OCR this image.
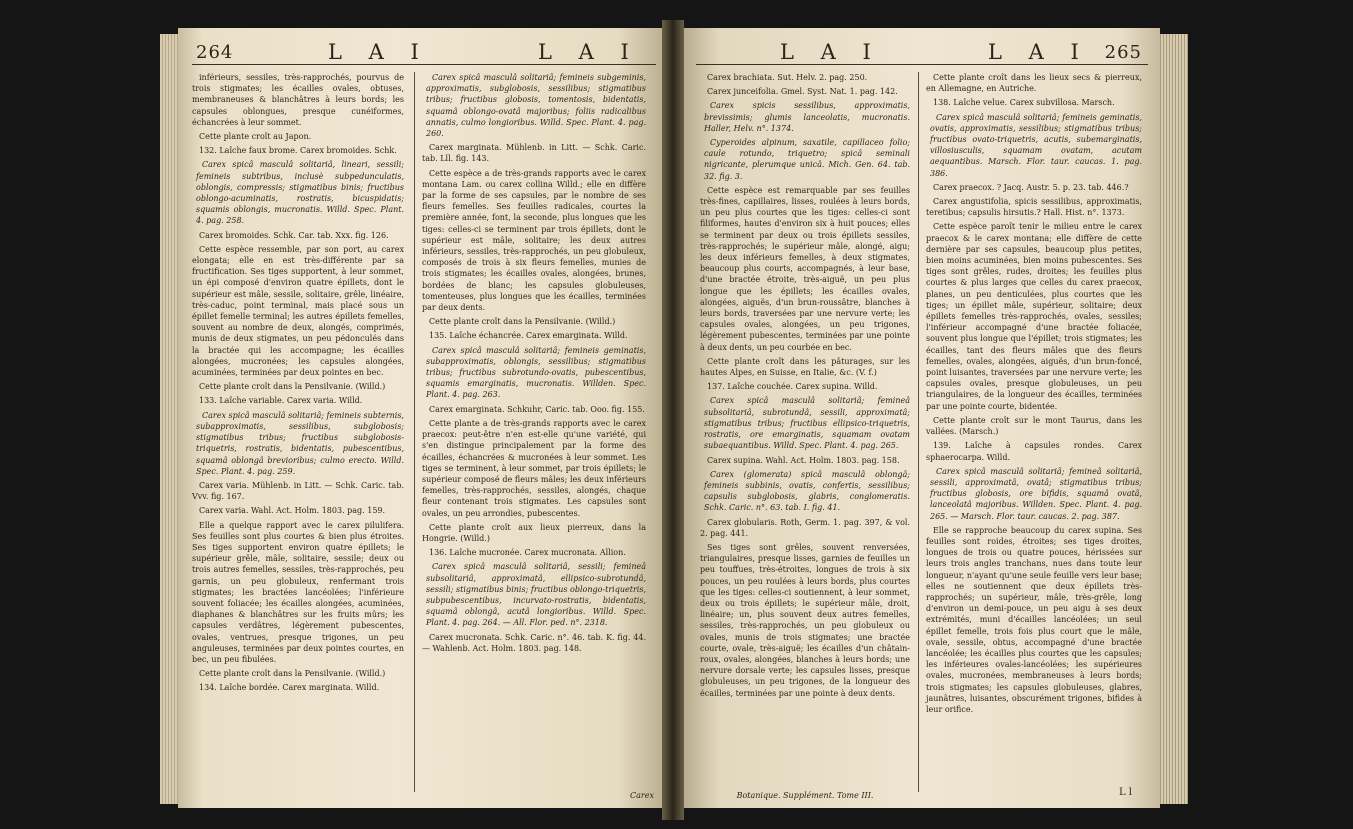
264	L A I	L A I

inférieurs, sessiles, très-rapprochés, pourvus de trois stigmates; les écailles ovales, obtuses, membraneuses & blanchâtres à leurs bords; les capsules oblongues, presque cunéiformes, échancrées à leur sommet.

Cette plante croît au Japon.

132. Laîche faux brome. Carex bromoides. Schk.

Carex spicâ masculâ solitariâ, lineari, sessili; femineis subtribus, inclusè subpedunculatis, oblongis, compressis; stigmatibus binis; fructibus oblongo-acuminatis, rostratis, bicuspidatis; squamis oblongis, mucronatis. Willd. Spec. Plant. 4. pag. 258.

Carex bromoides. Schk. Car. tab. Xxx. fig. 126.

Cette espèce ressemble, par son port, au carex elongata; elle en est très-différente par sa fructification. Ses tiges supportent, à leur sommet, un épi composé d'environ quatre épillets, dont le supérieur est mâle, sessile, solitaire, grêle, linéaire, très-caduc, point terminal, mais placé sous un épillet femelle terminal; les autres épillets femelles, souvent au nombre de deux, alongés, comprimés, munis de deux stigmates, un peu pédonculés dans la bractée qui les accompagne; les écailles alongées, mucronées; les capsules alongées, acuminées, terminées par deux pointes en bec.

Cette plante croît dans la Pensilvanie. (Willd.)

133. Laîche variable. Carex varia. Willd.

Carex spicâ masculâ solitariâ; femineis subternis, subapproximatis, sessilibus, subglobosis; stigmatibus tribus; fructibus subglobosis-triquetris, rostratis, bidentatis, pubescentibus, squamâ oblongâ brevioribus; culmo erecto. Willd. Spec. Plant. 4. pag. 259.

Carex varia. Mühlenb. in Litt. — Schk. Caric. tab. Vvv. fig. 167.

Carex varia. Wahl. Act. Holm. 1803. pag. 159.

Elle a quelque rapport avec le carex pilulifera. Ses feuilles sont plus courtes & bien plus étroites. Ses tiges supportent environ quatre épillets; le supérieur grêle, mâle, solitaire, sessile; deux ou trois autres femelles, sessiles, très-rapprochés, peu garnis, un peu globuleux, renfermant trois stigmates; les bractées lancéolées; l'inférieure souvent foliacée; les écailles alongées, acuminées, diaphanes & blanchâtres sur les fruits mûrs; les capsules verdâtres, légèrement pubescentes, ovales, ventrues, presque trigones, un peu anguleuses, terminées par deux pointes courtes, en bec, un peu fibulées.

Cette plante croît dans la Pensilvanie. (Willd.)

134. Laîche bordée. Carex marginata. Willd.

Carex spicâ masculâ solitariâ; femineis subgeminis, approximatis, subglobosis, sessilibus; stigmatibus tribus; fructibus globosis, tomentosis, bidentatis, squamâ oblongo-ovatâ majoribus; foliis radicalibus annatis, culmo longioribus. Willd. Spec. Plant. 4. pag. 260.

Carex marginata. Mühlenb. in Litt. — Schk. Caric. tab. Lll. fig. 143.

Cette espèce a de très-grands rapports avec le carex montana Lam. ou carex collina Willd.; elle en diffère par la forme de ses capsules, par le nombre de ses fleurs femelles. Ses feuilles radicales, courtes la première année, font, la seconde, plus longues que les tiges: celles-ci se terminent par trois épillets, dont le supérieur est mâle, solitaire; les deux autres inférieurs, sessiles, très-rapprochés, un peu globuleux, composés de trois à six fleurs femelles, munies de trois stigmates; les écailles ovales, alongées, brunes, bordées de blanc; les capsules globuleuses, tomenteuses, plus longues que les écailles, terminées par deux dents.

Cette plante croît dans la Pensilvanie. (Willd.)

135. Laîche échancrée. Carex emarginata. Willd.

Carex spicâ masculâ solitariâ; femineis geminatis, subapproximatis, oblongis, sessilibus; stigmatibus tribus; fructibus subrotundo-ovatis, pubescentibus, squamis emarginatis, mucronatis. Willden. Spec. Plant. 4. pag. 263.

Carex emarginata. Schkuhr, Caric. tab. Ooo. fig. 155.

Cette plante a de très-grands rapports avec le carex praecox: peut-être n'en est-elle qu'une variété, qui s'en distingue principalement par la forme des écailles, échancrées & mucronées à leur sommet. Les tiges se terminent, à leur sommet, par trois épillets; le supérieur composé de fleurs mâles; les deux inférieurs femelles, très-rapprochés, sessiles, alongés, chaque fleur contenant trois stigmates. Les capsules sont ovales, un peu arrondies, pubescentes.

Cette plante croît aux lieux pierreux, dans la Hongrie. (Willd.)

136. Laîche mucronée. Carex mucronata. Allion.

Carex spicâ masculâ solitariâ, sessili; femineâ subsolitariâ, approximatâ, ellipsico-subrotundâ, sessili; stigmatibus binis; fructibus oblongo-triquetris, subpubescentibus, incurvato-rostratis, bidentatis, squamâ oblongâ, acutâ longioribus. Willd. Spec. Plant. 4. pag. 264. — All. Flor. ped. n°. 2318.

Carex mucronata. Schk. Caric. n°. 46. tab. K. fig. 44. — Wahlenb. Act. Holm. 1803. pag. 148.

Carex
L A I	L A I 265

Carex brachiata. Sut. Helv. 2. pag. 250.

Carex junceifolia. Gmel. Syst. Nat. 1. pag. 142.

Carex spicis sessilibus, approximatis, brevissimis; glumis lanceolatis, mucronatis. Haller, Helv. n°. 1374.

Cyperoides alpinum, saxatile, capillaceo folio; caule rotundo, triquetro; spicâ seminali nigricante, plerumque unicâ. Mich. Gen. 64. tab. 32. fig. 3.

Cette espèce est remarquable par ses feuilles très-fines, capillaires, lisses, roulées à leurs bords, un peu plus courtes que les tiges: celles-ci sont filiformes, hautes d'environ six à huit pouces; elles se terminent par deux ou trois épillets sessiles, très-rapprochés; le supérieur mâle, alongé, aigu; les deux inférieurs femelles, à deux stigmates, beaucoup plus courts, accompagnés, à leur base, d'une bractée étroite, très-aiguë, un peu plus longue que les épillets; les écailles ovales, alongées, aiguës, d'un brun-roussâtre, blanches à leurs bords, traversées par une nervure verte; les capsules ovales, alongées, un peu trigones, légèrement pubescentes, terminées par une pointe à deux dents, un peu courbée en bec.

Cette plante croît dans les pâturages, sur les hautes Alpes, en Suisse, en Italie, &c. (V. f.)

137. Laîche couchée. Carex supina. Willd.

Carex spicâ masculâ solitariâ; femineâ subsolitariâ, subrotundâ, sessili, approximatâ; stigmatibus tribus; fructibus ellipsico-triquetris, rostratis, ore emarginatis, squamam ovatam subaequantibus. Willd. Spec. Plant. 4. pag. 265.

Carex supina. Wahl. Act. Holm. 1803. pag. 158.

Carex (glomerata) spicâ masculâ oblongâ; femineis subbinis, ovatis, confertis, sessilibus; capsulis subglobosis, glabris, conglomeratis. Schk. Caric. n°. 63. tab. I. fig. 41.

Carex globularis. Roth, Germ. 1. pag. 397, & vol. 2. pag. 441.

Ses tiges sont grêles, souvent renversées, triangulaires, presque lisses, garnies de feuilles un peu touffues, très-étroites, longues de trois à six pouces, un peu roulées à leurs bords, plus courtes que les tiges: celles-ci soutiennent, à leur sommet, deux ou trois épillets; le supérieur mâle, droit, linéaire; un, plus souvent deux autres femelles, sessiles, très-rapprochés, un peu globuleux ou ovales, munis de trois stigmates; une bractée courte, ovale, très-aiguë; les écailles d'un châtain-roux, ovales, alongées, blanches à leurs bords; une nervure dorsale verte; les capsules lisses, presque globuleuses, un peu trigones, de la longueur des écailles, terminées par une pointe à deux dents.

Cette plante croît dans les lieux secs & pierreux, en Allemagne, en Autriche.

138. Laîche velue. Carex subvillosa. Marsch.

Carex spicâ masculâ solitariâ; femineis geminatis, ovatis, approximatis, sessilibus; stigmatibus tribus; fructibus ovato-triquetris, acutis, subemarginatis, villosiusculis, squamam ovatam, acutam aequantibus. Marsch. Flor. taur. caucas. 1. pag. 386.

Carex praecox. ? Jacq. Austr. 5. p. 23. tab. 446.?

Carex angustifolia, spicis sessilibus, approximatis, teretibus; capsulis hirsutis.? Hall. Hist. n°. 1373.

Cette espèce paroît tenir le milieu entre le carex praecox & le carex montana; elle diffère de cette dernière par ses capsules, beaucoup plus petites, bien moins acuminées, bien moins pubescentes. Ses tiges sont grêles, rudes, droites; les feuilles plus courtes & plus larges que celles du carex praecox, planes, un peu denticulées, plus courtes que les tiges; un épillet mâle, supérieur, solitaire; deux épillets femelles très-rapprochés, ovales, sessiles; l'inférieur accompagné d'une bractée foliacée, souvent plus longue que l'épillet; trois stigmates; les écailles, tant des fleurs mâles que des fleurs femelles, ovales, alongées, aiguës, d'un brun-foncé, point luisantes, traversées par une nervure verte; les capsules ovales, presque globuleuses, un peu triangulaires, de la longueur des écailles, terminées par une pointe courte, bidentée.

Cette plante croît sur le mont Taurus, dans les vallées. (Marsch.)

139. Laîche à capsules rondes. Carex sphaerocarpa. Willd.

Carex spicâ masculâ solitariâ; femineâ solitariâ, sessili, approximatâ, ovatâ; stigmatibus tribus; fructibus globosis, ore bifidis, squamâ ovatâ, lanceolatâ majoribus. Willden. Spec. Plant. 4. pag. 265. — Marsch. Flor. taur. caucas. 2. pag. 387.

Elle se rapproche beaucoup du carex supina. Ses feuilles sont roides, étroites; ses tiges droites, longues de trois ou quatre pouces, hérissées sur leurs trois angles tranchans, nues dans toute leur longueur, n'ayant qu'une seule feuille vers leur base; elles ne soutiennent que deux épillets très-rapprochés; un supérieur, mâle, très-grêle, long d'environ un demi-pouce, un peu aigu à ses deux extrémités, muni d'écailles lancéolées; un seul épillet femelle, trois fois plus court que le mâle, ovale, sessile, obtus, accompagné d'une bractée lancéolée; les écailles plus courtes que les capsules; les inférieures ovales-lancéolées; les supérieures ovales, mucronées, membraneuses à leurs bords; trois stigmates; les capsules globuleuses, glabres, jaunâtres, luisantes, obscurément trigones, bifides à leur orifice.

Botanique. Supplément. Tome III.	L l
